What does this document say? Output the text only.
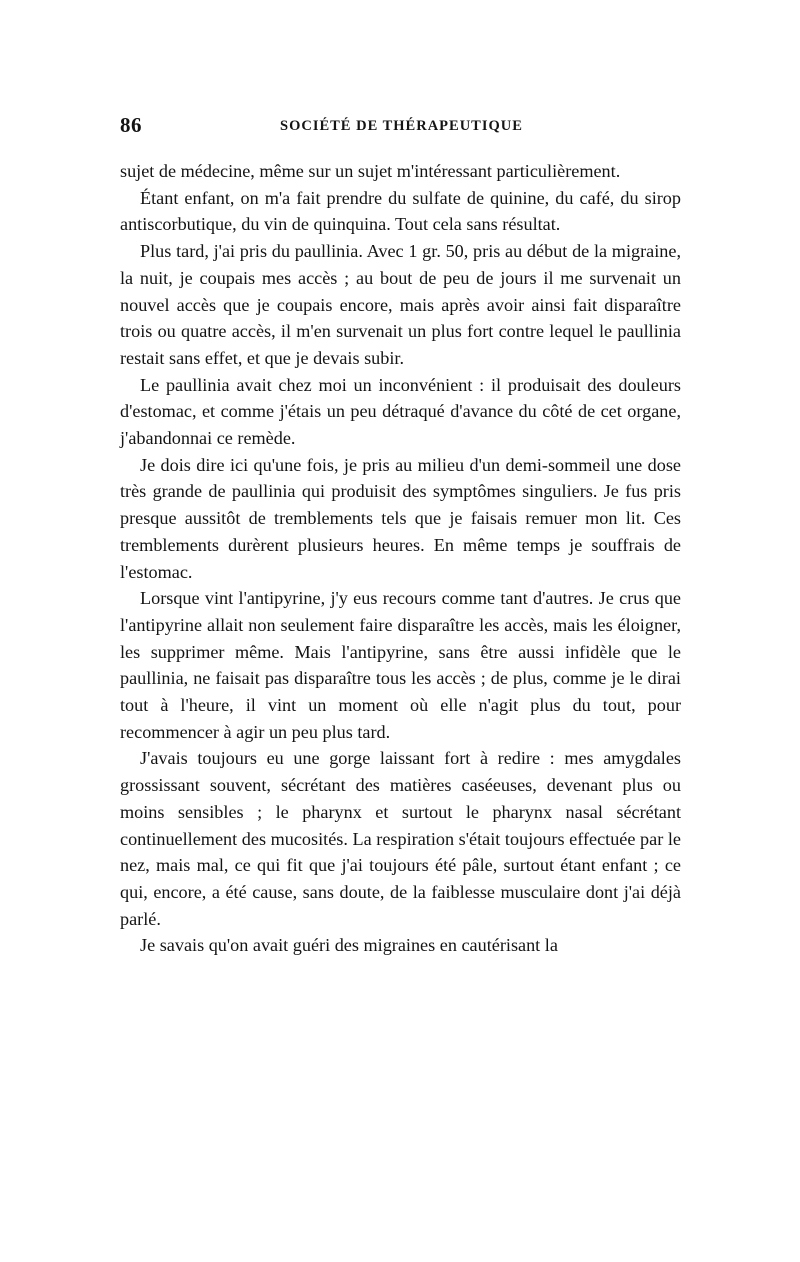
86	SOCIÉTÉ DE THÉRAPEUTIQUE

sujet de médecine, même sur un sujet m'intéressant particulièrement.

Étant enfant, on m'a fait prendre du sulfate de quinine, du café, du sirop antiscorbutique, du vin de quinquina. Tout cela sans résultat.

Plus tard, j'ai pris du paullinia. Avec 1 gr. 50, pris au début de la migraine, la nuit, je coupais mes accès ; au bout de peu de jours il me survenait un nouvel accès que je coupais encore, mais après avoir ainsi fait disparaître trois ou quatre accès, il m'en survenait un plus fort contre lequel le paullinia restait sans effet, et que je devais subir.

Le paullinia avait chez moi un inconvénient : il produisait des douleurs d'estomac, et comme j'étais un peu détraqué d'avance du côté de cet organe, j'abandonnai ce remède.

Je dois dire ici qu'une fois, je pris au milieu d'un demi-sommeil une dose très grande de paullinia qui produisit des symptômes singuliers. Je fus pris presque aussitôt de tremblements tels que je faisais remuer mon lit. Ces tremblements durèrent plusieurs heures. En même temps je souffrais de l'estomac.

Lorsque vint l'antipyrine, j'y eus recours comme tant d'autres. Je crus que l'antipyrine allait non seulement faire disparaître les accès, mais les éloigner, les supprimer même. Mais l'antipyrine, sans être aussi infidèle que le paullinia, ne faisait pas disparaître tous les accès ; de plus, comme je le dirai tout à l'heure, il vint un moment où elle n'agit plus du tout, pour recommencer à agir un peu plus tard.

J'avais toujours eu une gorge laissant fort à redire : mes amygdales grossissant souvent, sécrétant des matières caséeuses, devenant plus ou moins sensibles ; le pharynx et surtout le pharynx nasal sécrétant continuellement des mucosités. La respiration s'était toujours effectuée par le nez, mais mal, ce qui fit que j'ai toujours été pâle, surtout étant enfant ; ce qui, encore, a été cause, sans doute, de la faiblesse musculaire dont j'ai déjà parlé.

Je savais qu'on avait guéri des migraines en cautérisant la
